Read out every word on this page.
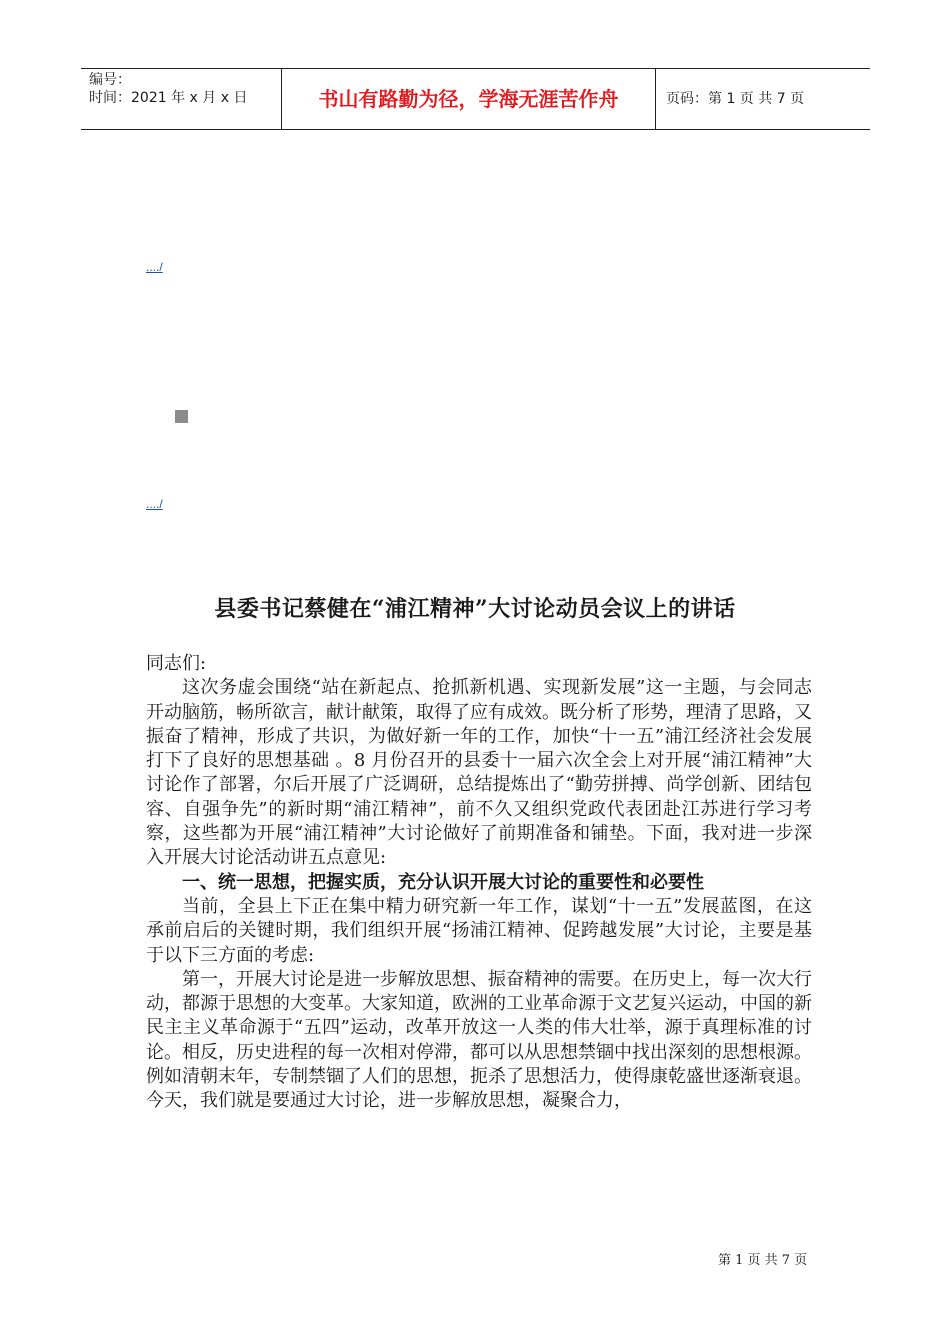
编号：
时间：2021 年 x 月 x 日	书山有路勤为径，学海无涯苦作舟	页码：第 1 页 共 7 页
..../
..../
县委书记蔡健在“浦江精神”大讨论动员会议上的讲话

同志们:

这次务虚会围绕“站在新起点、抢抓新机遇、实现新发展”这一主题，与会同志开动脑筋，畅所欲言，献计献策，取得了应有成效。既分析了形势，理清了思路，又振奋了精神，形成了共识，为做好新一年的工作，加快“十一五”浦江经济社会发展打下了良好的思想基础 。8 月份召开的县委十一届六次全会上对开展“浦江精神”大讨论作了部署，尔后开展了广泛调研，总结提炼出了“勤劳拼搏、尚学创新、团结包容、自强争先”的新时期“浦江精神”，前不久又组织党政代表团赴江苏进行学习考察，这些都为开展“浦江精神”大讨论做好了前期准备和铺垫。下面，我对进一步深入开展大讨论活动讲五点意见:

一、统一思想，把握实质，充分认识开展大讨论的重要性和必要性

当前，全县上下正在集中精力研究新一年工作，谋划“十一五”发展蓝图，在这承前启后的关键时期，我们组织开展“扬浦江精神、促跨越发展”大讨论，主要是基于以下三方面的考虑:

第一，开展大讨论是进一步解放思想、振奋精神的需要。在历史上，每一次大行动，都源于思想的大变革。大家知道，欧洲的工业革命源于文艺复兴运动，中国的新民主主义革命源于“五四”运动，改革开放这一人类的伟大壮举，源于真理标准的讨论。相反，历史进程的每一次相对停滞，都可以从思想禁锢中找出深刻的思想根源。例如清朝末年，专制禁锢了人们的思想，扼杀了思想活力，使得康乾盛世逐渐衰退。今天，我们就是要通过大讨论，进一步解放思想，凝聚合力，

第 1 页 共 7 页
